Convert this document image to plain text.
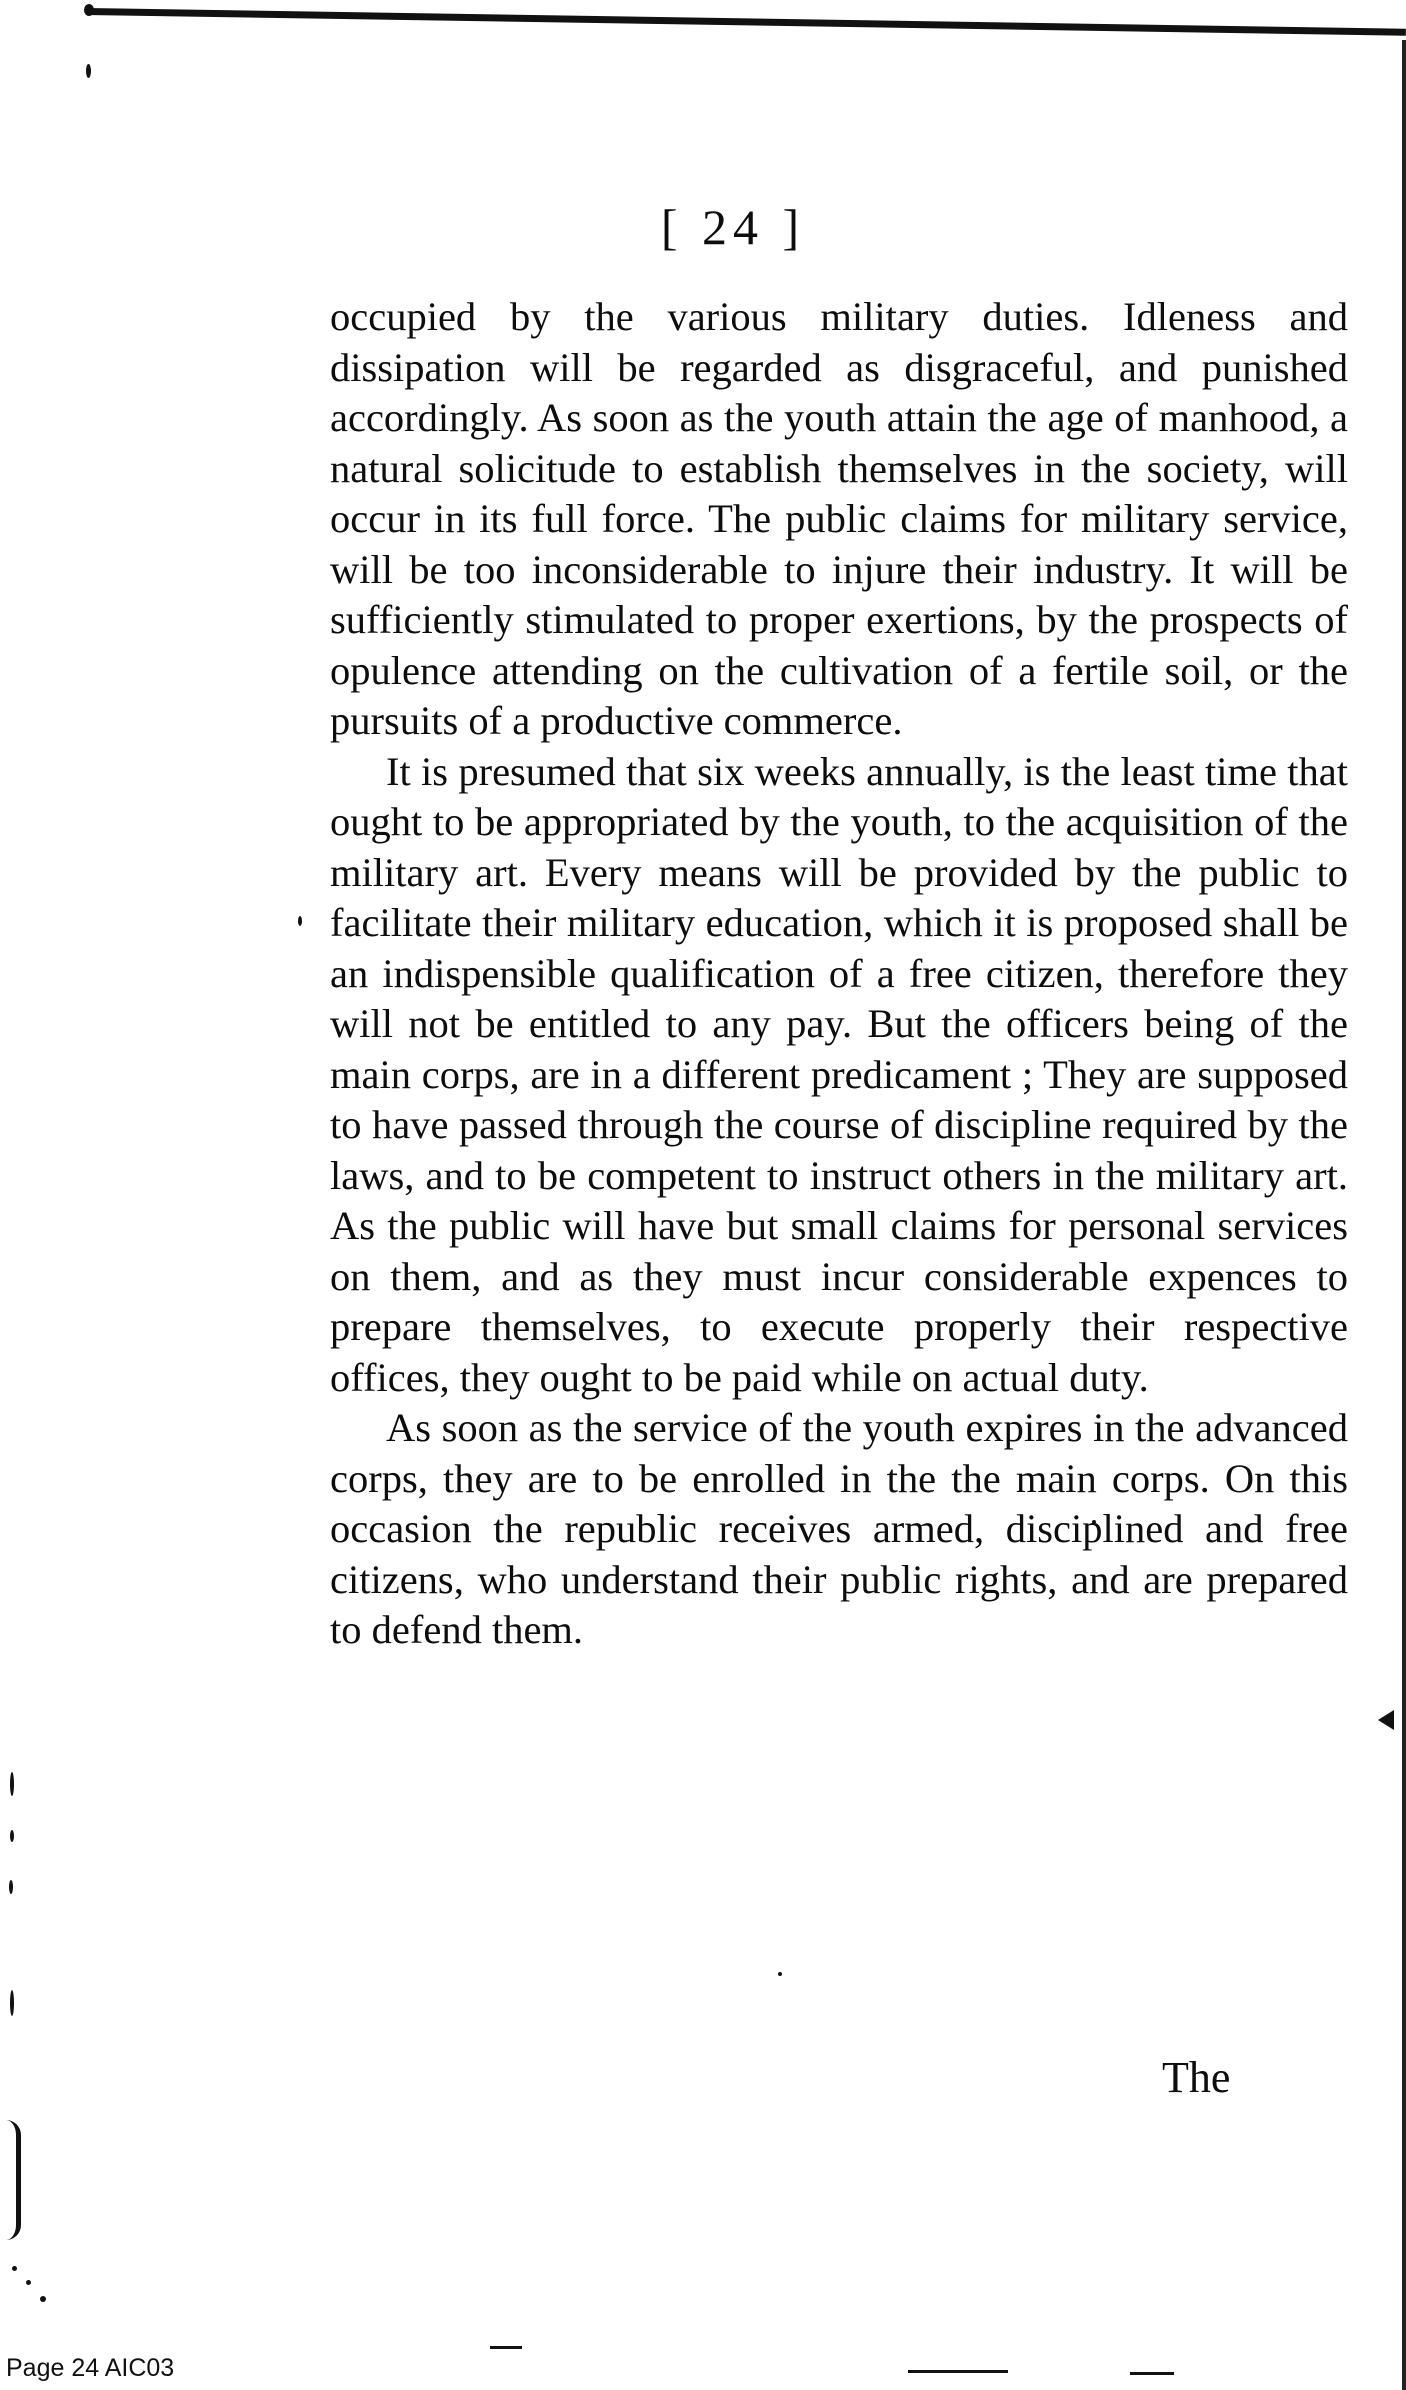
[ 24 ]

occupied by the various military duties. Idleness and dissipation will be regarded as disgraceful, and punished accordingly. As soon as the youth attain the age of manhood, a natural solicitude to establish themselves in the society, will occur in its full force. The public claims for military service, will be too inconsiderable to injure their industry. It will be sufficiently stimulated to proper exertions, by the prospects of opulence attending on the cultivation of a fertile soil, or the pursuits of a productive commerce.

It is presumed that six weeks annually, is the least time that ought to be appropriated by the youth, to the acquisition of the military art. Every means will be provided by the public to facilitate their military education, which it is proposed shall be an indispensible qualification of a free citizen, therefore they will not be entitled to any pay. But the officers being of the main corps, are in a different predicament ; They are supposed to have passed through the course of discipline required by the laws, and to be competent to instruct others in the military art. As the public will have but small claims for personal services on them, and as they must incur considerable expences to prepare themselves, to execute properly their respective offices, they ought to be paid while on actual duty.

As soon as the service of the youth expires in the advanced corps, they are to be enrolled in the the main corps. On this occasion the republic receives armed, disciplined and free citizens, who understand their public rights, and are prepared to defend them.

The
Page 24 AIC03
